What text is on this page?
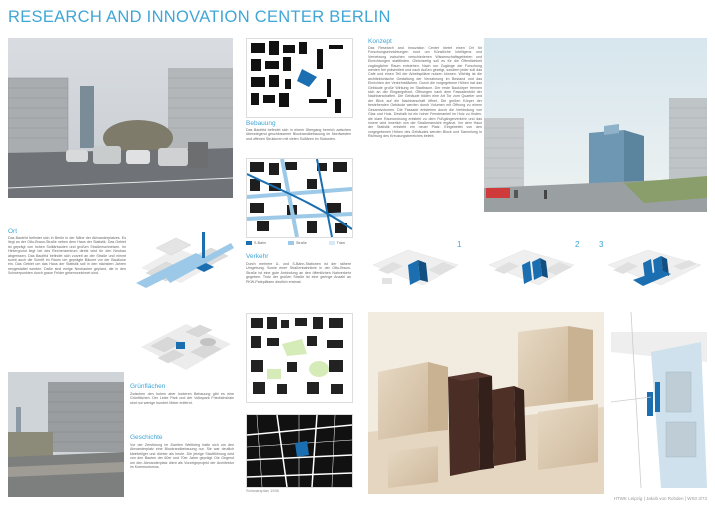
RESEARCH AND INNOVATION CENTER BERLIN
Ort
Das Baufeld befindet sich in Berlin in der Nähe der Alexanderplatzes. Es liegt an der Otto-Braun-Straße neben dem Haus der Statistik. Das Gebiet ist geprägt von hohen Solitärbauten und großen Straßenschneisen. Im Hintergrund liegt bei des Rechenzentrum direkt wird für den Neubau abgerissen. Das Baufeld befindet sich zurzeit an der Straße und nimmt somit auch die Schrift im Raum um geprägte Bäume vor der Baulücke ein. Das Gebiet um das Haus der Statistik soll in den nächsten Jahren neugestaltet werden. Dafür sind einige Neubauten geplant, die in den Schwerpunkten durch graue Felder gekennzeichnet sind.
Grünflächen
Zwischen den hohen aber lockeren Bebauung gibt es eine Grünflächen. Der Leise Park und der Volkspark Friedrichshain sind nur wenige hundert Meter entfernt.
Geschichte
Vor der Zerstörung im Zweiten Weltkrieg hatte sich um den Alexanderplatz eine Blockrandbebauung nur. Sie war deutlich kleinteiliger und dichter als heute. Die jetzige Stadtführung wird von den Bauten der 60er und 70er Jahre geprägt. Die Gegend um den Alexanderplatz dient als Vorzeigeprojekt der Architektur im Kommunismus.
Bebauung
Das Baufeld befindet sich in einem Übergang bereich zwischen überwiegend geschlossener Blockrandbebauung im Nordwesten und offenen Strukturen mit vielen Solitären im Südosten.
S-Bahn	Straße	Tram
Verkehr
Durch mehrere U- und S-Bahn-Stationen ist der nähere Umgebung. Sowie einer Straßenbahnlinie in der Otto-Braun-Straße ist eine gute Anbindung an den öffentlichen Nahverkehr gegeben. Trotz der großen Straße ist eine geringe Anzahl an PKW-Parkplätzen deutlich erstmal.
Schwarzplan 1945
Konzept
Das Research and Innovation Center bietet einen Ort für Forschungseinrichtungen rund um Künstliche Intelligenz und Vernetzung zwischen verschiedenen Wissenschaftsgebieten und Einrichtungen stattfinden. Gleichzeitig soll es für die Öffentlichkeit zugänglicher Raum entstehen. Nach nur Zugänge der Forschung werden frei präsentiert und nach Außen gezeigt, sondern jeder soll das Café und einen Teil der Arbeitsplätze nutzen können. Wichtig ist die architektonische Gestaltung der Verzahnung im Bestand und das Einrichten der Verkehrsflächen. Durch die vorgegebene Höhen hat das Gebäude große Wirkung im Stadtraum. Der erste Baukörper trennen sich an der Eingangsfront. Öffnungen nach dem Fassadenbild der Nachbarschaften. Die Gebäude bilden eine Art Tor zum Quartier und der Blick auf die Nachbarschaft öffnet. Die großen Körper der bestehenden Gebäude werden durch Volumen mit Öffnung zu einem Gesamtvolumen. Die Fassade entstehen durch die Verbindung von Glas und Holz. Deshalb ist ein hoher Fensteranteil im Holz zu finden, die klare Raumordnung entsteht zu dem Fußgängerverkehr und das innere wird innerlich von der Straßenansicht ergänzt. Vor dem Haus der Statistik entsteht ein neuer Platz. Eingebettet von den vorgegebenen Höhen des Gebäudes werden Block und Sammlung in Richtung des Kreuzungsbereiches belebt.
1	2 3
HTWK Leipzig | Jakob von Rohden | WS0 3/73
